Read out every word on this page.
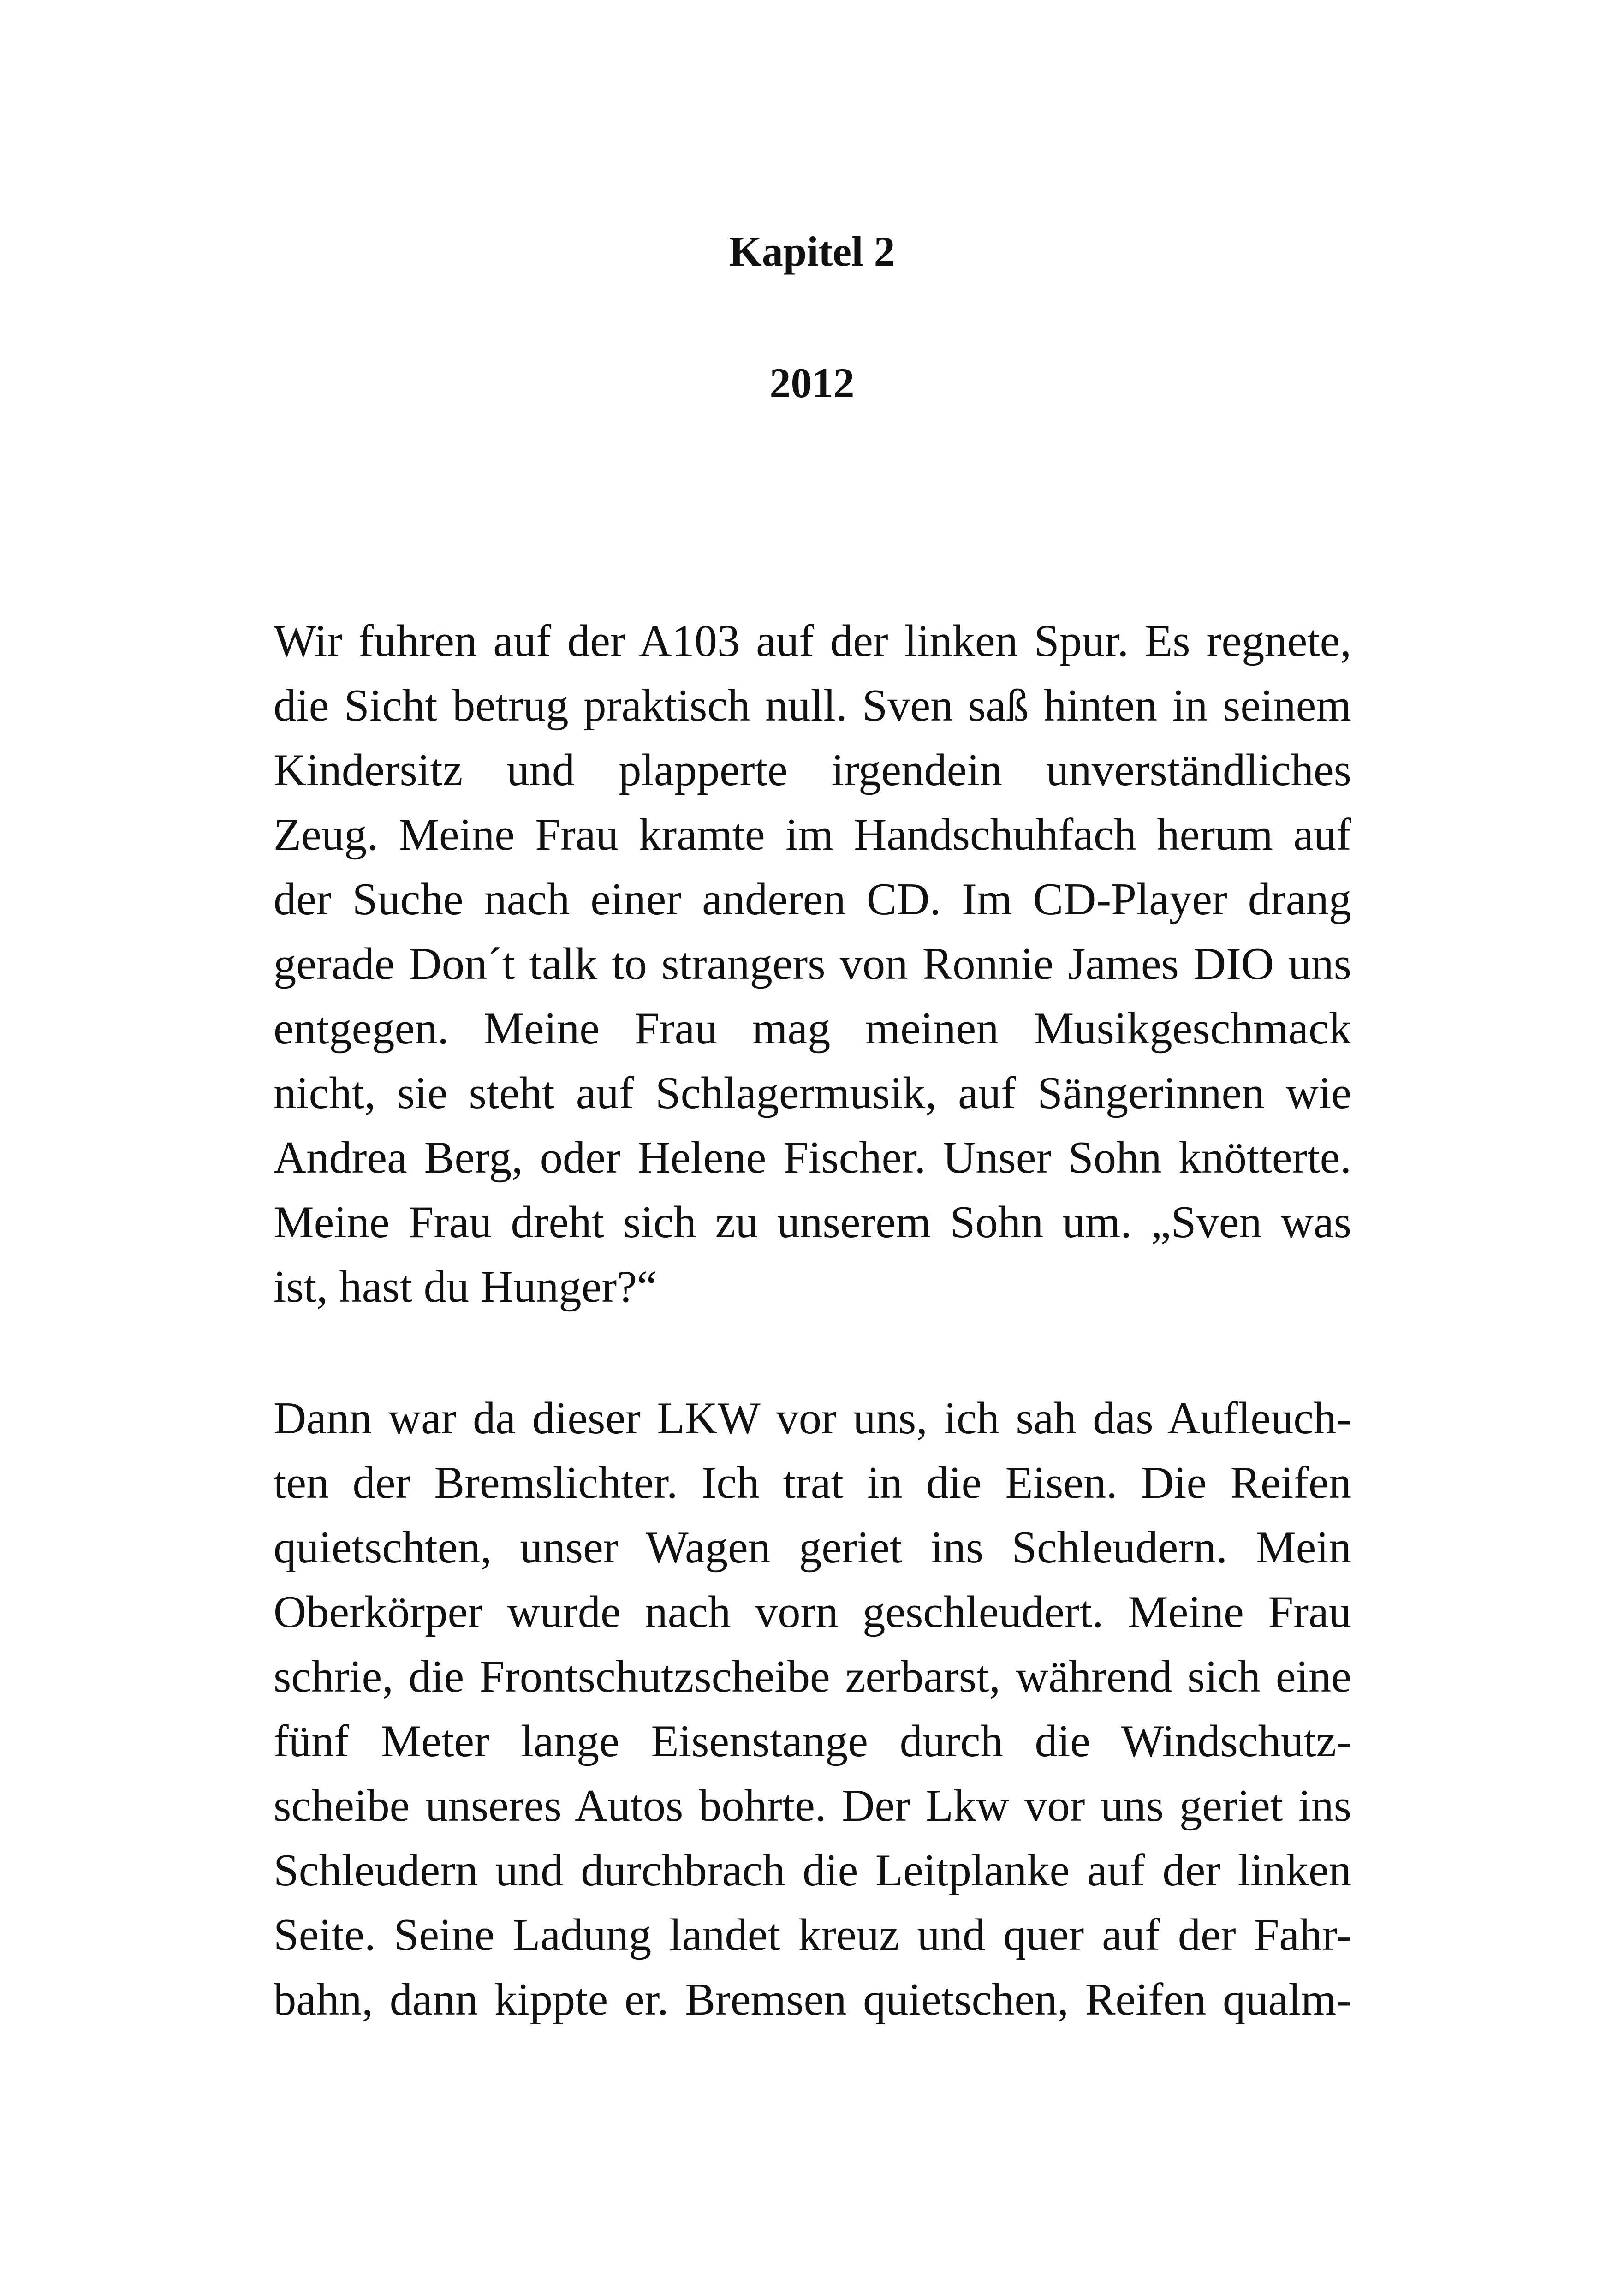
Kapitel 2
2012
Wir fuhren auf der A103 auf der linken Spur. Es regnete,
die Sicht betrug praktisch null. Sven saß hinten in seinem
Kindersitz und plapperte irgendein unverständliches
Zeug. Meine Frau kramte im Handschuhfach herum auf
der Suche nach einer anderen CD. Im CD-Player drang
gerade Don´t talk to strangers von Ronnie James DIO uns
entgegen. Meine Frau mag meinen Musikgeschmack
nicht, sie steht auf Schlagermusik, auf Sängerinnen wie
Andrea Berg, oder Helene Fischer. Unser Sohn knötterte.
Meine Frau dreht sich zu unserem Sohn um. „Sven was
ist, hast du Hunger?“
Dann war da dieser LKW vor uns, ich sah das Aufleuch-
ten der Bremslichter. Ich trat in die Eisen. Die Reifen
quietschten, unser Wagen geriet ins Schleudern. Mein
Oberkörper wurde nach vorn geschleudert. Meine Frau
schrie, die Frontschutzscheibe zerbarst, während sich eine
fünf Meter lange Eisenstange durch die Windschutz-
scheibe unseres Autos bohrte. Der Lkw vor uns geriet ins
Schleudern und durchbrach die Leitplanke auf der linken
Seite. Seine Ladung landet kreuz und quer auf der Fahr-
bahn, dann kippte er. Bremsen quietschen, Reifen qualm-
